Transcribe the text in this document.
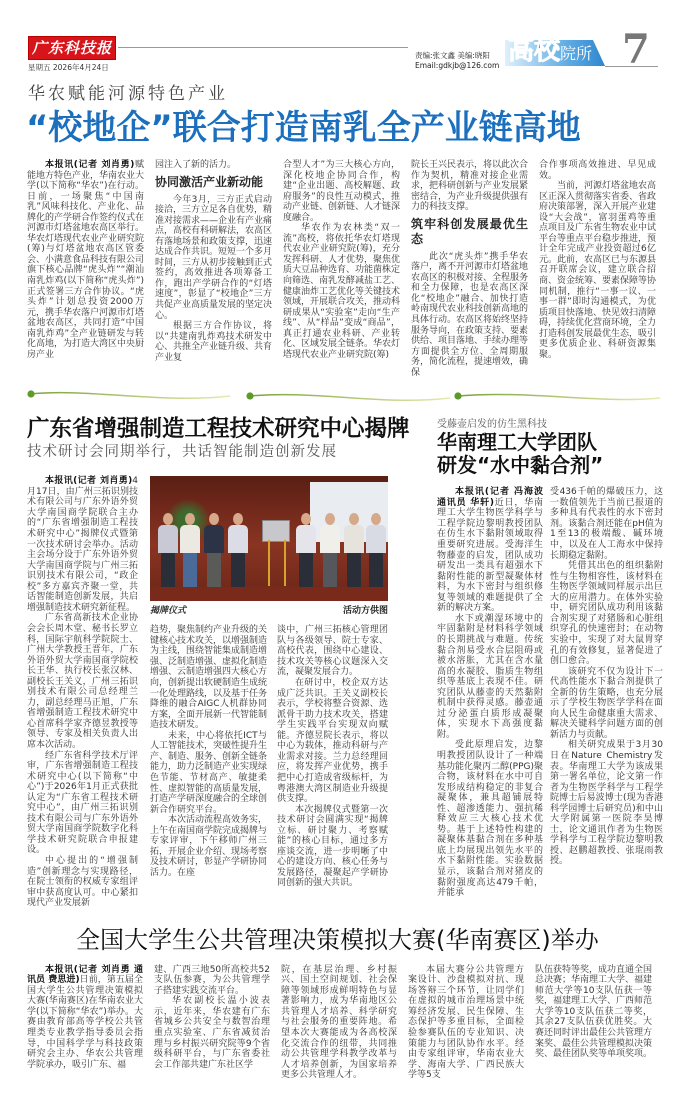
广东科技报
星期五 2026年4月24日
责编:张文鑫 美编:晓阳
Email:gdkjb@126.com 高校院所 7
华农赋能河源特色产业
“校地企”联合打造南乳全产业链高地

本报讯(记者 刘肖勇)赋能地方特色产业，华南农业大学(以下简称“华农”)在行动。日前，一场聚焦“中国南乳”风味科技化、产业化、品牌化的产学研合作签约仪式在河源市灯塔盆地农高区举行。华农灯塔现代农业产业研究院(筹)与灯塔盆地农高区管委会、小满意食品科技有限公司旗下核心品牌“虎头炸”“潮汕南乳炸鸡(以下简称“虎头炸”)正式签署三方合作协议。“虎头炸”计划总投资2000万元，携手华农落户河源市灯塔盆地农高区，共同打造“中国南乳炸鸡”全产业链研发与转化高地，为打造大湾区中央厨房产业

园注入了新的活力。

协同激活产业新动能

今年3月，三方正式启动接洽，三方立足各自优势，精准对接需求——企业有产业痛点，高校有科研解法，农高区有落地场景和政策支撑，迅速达成合作共识。短短一个多月时间，三方从初步接触到正式签约，高效推进各项筹备工作，跑出产学研合作的“灯塔速度”，彰显了“校地企”三方共促产业高质量发展的坚定决心。

根据三方合作协议，将以“共建南乳炸鸡技术研发中心、共推全产业链升级、共育产业复

合型人才”为三大核心方向，深化校地企协同合作，构建“企业出题、高校解题、政府服务”的良性互动模式，推动产业链、创新链、人才链深度融合。

华农作为农林类“双一流”高校，将依托华农灯塔现代农业产业研究院(筹)，充分发挥科研、人才优势，聚焦优质大豆品种选育、功能菌株定向筛选、南乳发酵减盐工艺、健康油炸工艺优化等关键技术领域，开展联合攻关，推动科研成果从“实验室”走向“生产线”、从“样品”变成“商品”，真正打通农业科研、产业转化、区域发展全链条。华农灯塔现代农业产业研究院(筹)

院长王兴民表示，将以此次合作为契机，精准对接企业需求，把科研创新与产业发展紧密结合，为产业升级提供强有力的科技支撑。

筑牢科创发展最优生态

此次“虎头炸”携手华农落户，离不开河源市灯塔盆地农高区的积极对接、全程服务和全力保障，也是农高区深化“校地企”融合、加快打造岭南现代农业科技创新高地的具体行动。农高区将始终坚持服务导向，在政策支持、要素供给、项目落地、手续办理等方面提供全方位、全周期服务，简化流程，提速增效，确保

合作事项高效推进、早见成效。

当前，河源灯塔盆地农高区正深入贯彻落实省委、省政府决策部署，深入开展产业建设“大会战”，富羽蛋鸡等重点项目及广东省生物农业中试平台等重点平台稳步推进，预计全年完成产业投资超过6亿元。此前，农高区已与东源县召开联席会议，建立联合招商、资金统筹、要素保障等协同机制，推行“一事一议、一事一群”即时沟通模式，为优质项目快落地、快见效扫清障碍，持续优化营商环境，全力打造科创发展最优生态，吸引更多优质企业、科研资源集聚。

广东省增强制造工程技术研究中心揭牌
技术研讨会同期举行，共话智能制造创新发展

本报讯(记者 刘肖勇)4月17日，由广州三拓识别技术有限公司与广东外语外贸大学南国商学院联合主办的“广东省增强制造工程技术研究中心”揭牌仪式暨第一次技术研讨会举办。活动主会场分设于广东外语外贸大学南国商学院与广州三拓识别技术有限公司，“政企校”多方嘉宾齐聚一堂，共话智能制造创新发展，共启增强制造技术研究新征程。

广东省高新技术企业协会会长周木堂、秘书长罗立科，国际宇航科学院院士、广州大学教授王晋年，广东外语外贸大学南国商学院校长王华、执行校长张汉林、副校长王关义，广州三拓识别技术有限公司总经理兰力，副总经理马正旭，广东省增强制造工程技术研究中心首席科学家齐德昱教授等领导、专家及相关负责人出席本次活动。

经广东省科学技术厅评审，广东省增强制造工程技术研究中心(以下简称“中心”)于2026年1月正式获批认定为“广东省工程技术研究中心”，由广州三拓识别技术有限公司与广东外语外贸大学南国商学院数字化科学技术研究院联合申报建设。

中心提出的“增强制造”创新理念与实现路径，在院士领衔的权威专家组评审中获高度认可。中心紧扣现代产业发展新

揭牌仪式	活动方供图

趋势，聚焦制约产业升级的关键核心技术攻关，以增强制造为主线，围绕智能集成制造增强、泛制造增强、虚拟化制造增强、云制造增强四大核心方向，创新提出软硬制造生成统一化处理路线，以及基于任务降维的融合AIGC人机群协同方案，全面开展新一代智能制造技术研发。

未来，中心将依托ICT与人工智能技术，突破性提升生产、制造、服务、创新全链条能力，助力泛制造产业实现绿色节能、节材高产、敏捷柔性、虚拟智能的高质量发展，打造产学研深度融合的全球创新合作研究平台。

本次活动流程高效务实，上午在南国商学院完成揭牌与专家评审，下午移师广州三拓，开展企业介绍、现场考察及技术研讨，彰显产学研协同活力。在座

谈中，广州三拓核心管理团队与各级领导、院士专家、高校代表，围绕中心建设、技术攻关等核心议题深入交流，凝聚发展合力。

在研讨中，校企双方达成广泛共识。王关义副校长表示，学校将整合资源、选派骨干助力技术攻关，搭建学生实践平台实现双向赋能。齐德昱院长表示，将以中心为载体，推动科研与产业需求对接。兰力总经理回应，将发挥产业优势，携手把中心打造成省级标杆，为粤港澳大湾区制造业升级提供支撑。

本次揭牌仪式暨第一次技术研讨会圆满实现“揭牌立标、研讨聚力、考察赋能”的核心目标，通过多方座谈交流，进一步明晰了中心的建设方向、核心任务与发展路径，凝聚起产学研协同创新的强大共识。

受藤壶启发的仿生黑科技
华南理工大学团队
研发“水中黏合剂”

本报讯(记者 冯海波 通讯员 华轩)近日，华南理工大学生物医学科学与工程学院边黎明教授团队在仿生水下黏附领域取得重要研究进展。受海洋生物藤壶的启发，团队成功研发出一类具有超强水下黏附性能的新型凝聚体材料，为水下密封与组织修复等领域的难题提供了全新的解决方案。

水下或潮湿环境中的牢固黏附是材料科学领域的长期挑战与难题。传统黏合剂易受水合层阻碍或被水溶胀，尤其在含水量高的水凝胶、脂质生物组织等基底上表现不佳。研究团队从藤壶的天然黏附机制中获得灵感。藤壶通过分泌蛋白质形成凝聚体，实现水下高强度黏附。

受此原理启发，边黎明教授团队设计了一种端基功能化聚丙二醇(PPG)聚合物，该材料在水中可自发形成结构稳定的非复合凝聚体，兼具超铺展特性、超渗透能力、强抗稀释效应三大核心技术优势。基于上述特性构建的凝聚体基黏合剂在多种基底上均展现出领先水平的水下黏附性能。实验数据显示，该黏合剂对猪皮的黏附强度高达479千帕，并能承

受436千帕的爆破压力，这一数值领先于当前已报道的多种具有代表性的水下密封剂。该黏合剂还能在pH值为1至13的极端酸、碱环境中，以及在人工海水中保持长期稳定黏附。

凭借其出色的组织黏附性与生物相容性，该材料在生物医学领域同样展示出巨大的应用潜力。在体外实验中，研究团队成功利用该黏合剂实现了对猪肠和心脏组织穿孔的快速密封；在动物实验中，实现了对大鼠胃穿孔的有效修复，显著促进了创口愈合。

该研究不仅为设计下一代高性能水下黏合剂提供了全新的仿生策略，也充分展示了学校生物医学学科在面向人民生命健康重大需求、解决关键科学问题方面的创新活力与贡献。

相关研究成果于3月30日在Nature Chemistry发表。华南理工大学为该成果第一署名单位，论文第一作者为生物医学科学与工程学院博士后易波博士(现为香港科学园博士后研究员)和中山大学附属第一医院李昊博士，论文通讯作者为生物医学科学与工程学院边黎明教授、赵鹏超教授、张琨雨教授。

全国大学生公共管理决策模拟大赛(华南赛区)举办

本报讯(记者 刘肖勇 通讯员 费思进)日前，第五届全国大学生公共管理决策模拟大赛(华南赛区)在华南农业大学(以下简称“华农”)举办。大赛由教育部高等学校公共管理类专业教学指导委员会指导，中国科学学与科技政策研究会主办、华农公共管理学院承办，吸引广东、福

建、广西三地50所高校共52支队伍参赛，为公共管理学子搭建实践交流平台。

华农副校长温小波表示，近年来，华农建有广东省城乡公共安全与数智治理重点实验室、广东省减贫治理与乡村振兴研究院等9个省级科研平台，与广东省委社会工作部共建广东社区学

院，在基层治理、乡村振兴、国土空间规划、社会保障等领域形成鲜明特色与显著影响力，成为华南地区公共管理人才培养、科学研究与社会服务的重要阵地。希望本次大赛能成为各高校深化交流合作的纽带，共同推动公共管理学科教学改革与人才培养创新，为国家培养更多公共管理人才。

本届大赛分公共管理方案设计、沙盘模拟对抗、现场答辩三个环节，让同学们在虚拟的城市治理场景中统筹经济发展、民生保障、生态保护等多重目标，全面检验参赛队伍的专业知识、决策能力与团队协作水平。经由专家组评审，华南农业大学、海南大学、广西民族大学等5支

队伍获特等奖，成功直通全国总决赛；华南理工大学、福建师范大学等10支队伍获一等奖，福建理工大学、广西师范大学等10支队伍获二等奖，其余27支队伍获优胜奖。大赛还同时评出最佳公共管理方案奖、最佳公共管理模拟决策奖、最佳团队奖等单项奖项。
